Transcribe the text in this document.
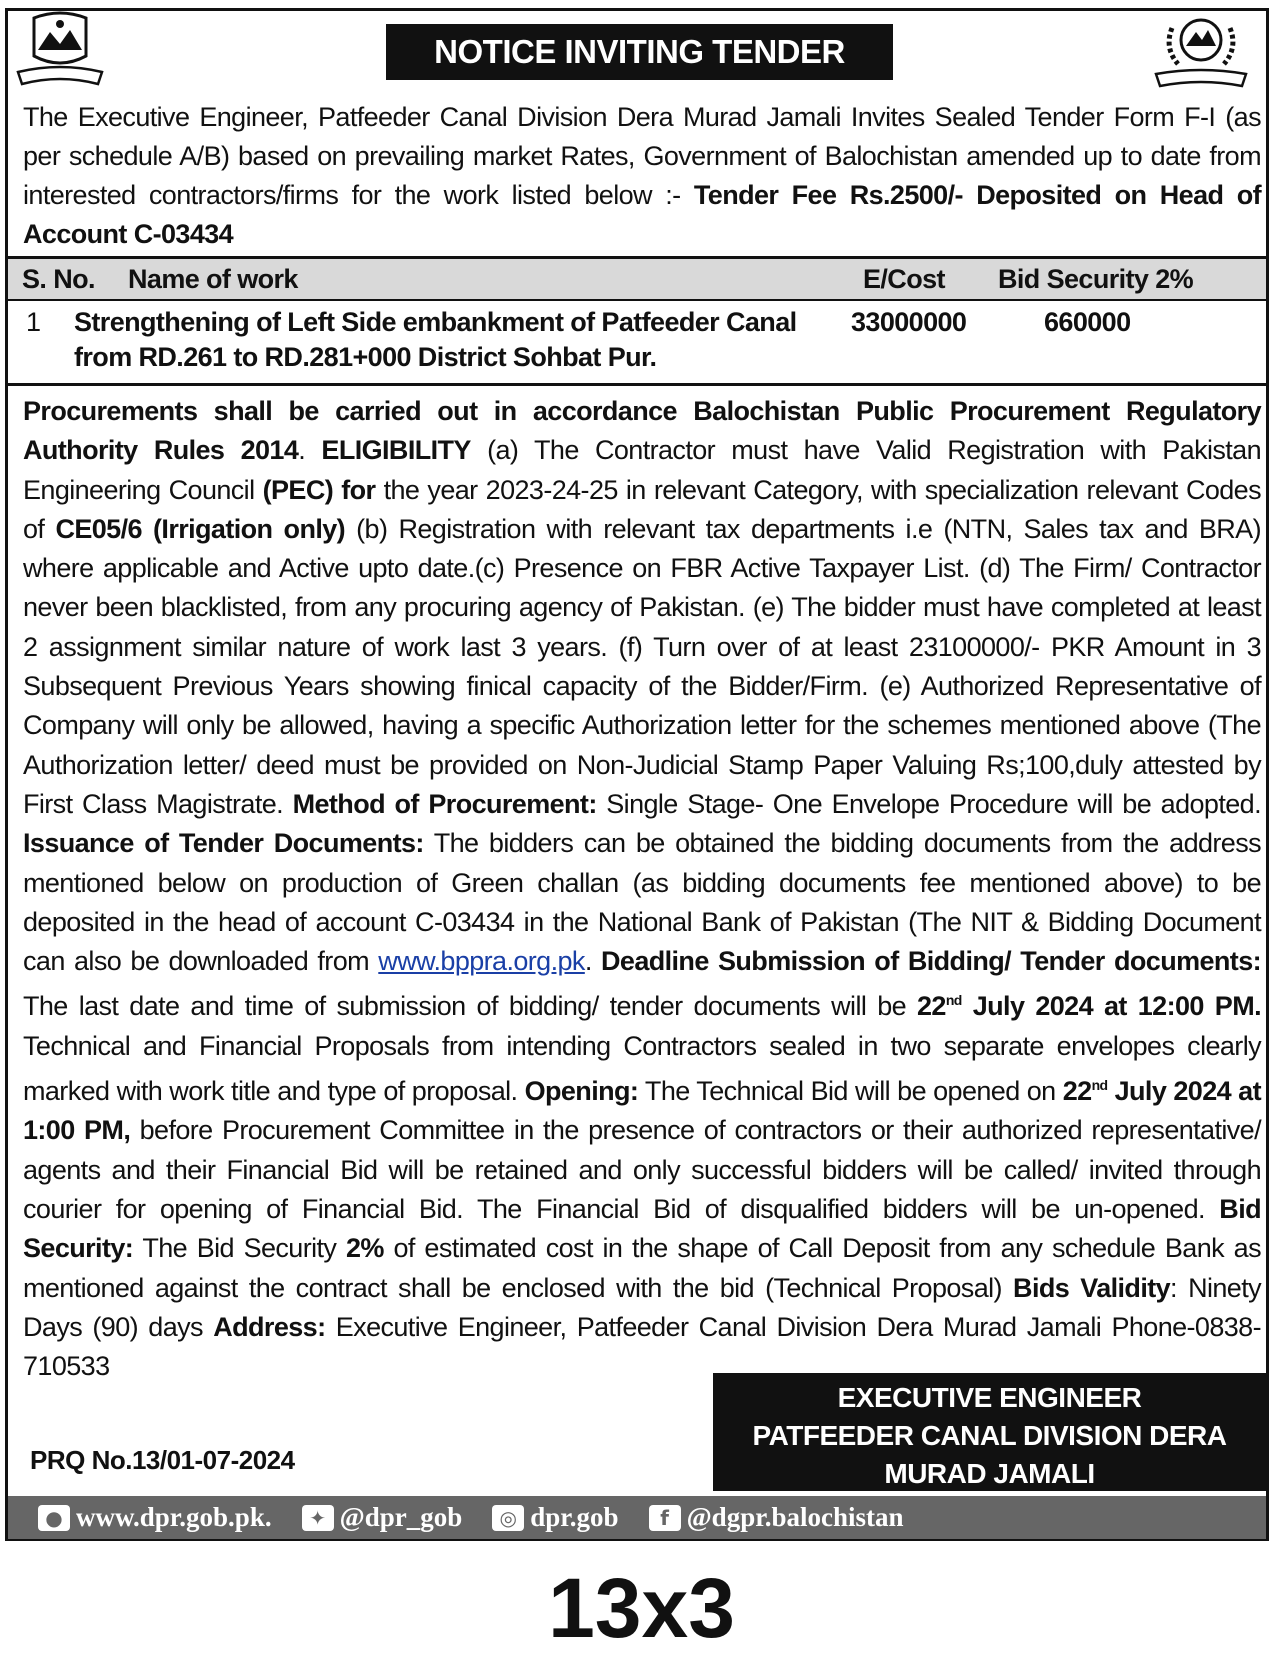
NOTICE INVITING TENDER
The Executive Engineer, Patfeeder Canal Division Dera Murad Jamali Invites Sealed Tender Form F-I (as per schedule A/B) based on prevailing market Rates, Government of Balochistan amended up to date from interested contractors/firms for the work listed below :- Tender Fee Rs.2500/- Deposited on Head of Account C-03434
S. No. Name of work	E/Cost Bid Security 2%
1 Strengthening of Left Side embankment of Patfeeder Canal
from RD.261 to RD.281+000 District Sohbat Pur.
33000000	660000
Procurements shall be carried out in accordance Balochistan Public Procurement Regulatory Authority Rules 2014. ELIGIBILITY (a) The Contractor must have Valid Registration with Pakistan Engineering Council (PEC) for the year 2023-24-25 in relevant Category, with specialization relevant Codes of CE05/6 (Irrigation only) (b) Registration with relevant tax departments i.e (NTN, Sales tax and BRA) where applicable and Active upto date.(c) Presence on FBR Active Taxpayer List. (d) The Firm/ Contractor never been blacklisted, from any procuring agency of Pakistan. (e) The bidder must have completed at least 2 assignment similar nature of work last 3 years. (f) Turn over of at least 23100000/- PKR Amount in 3 Subsequent Previous Years showing finical capacity of the Bidder/Firm. (e) Authorized Representative of Company will only be allowed, having a specific Authorization letter for the schemes mentioned above (The Authorization letter/ deed must be provided on Non-Judicial Stamp Paper Valuing Rs;100,duly attested by First Class Magistrate. Method of Procurement: Single Stage- One Envelope Procedure will be adopted. Issuance of Tender Documents: The bidders can be obtained the bidding documents from the address mentioned below on production of Green challan (as bidding documents fee mentioned above) to be deposited in the head of account C-03434 in the National Bank of Pakistan (The NIT & Bidding Document can also be downloaded from www.bppra.org.pk. Deadline Submission of Bidding/ Tender documents: The last date and time of submission of bidding/ tender documents will be 22nd July 2024 at 12:00 PM. Technical and Financial Proposals from intending Contractors sealed in two separate envelopes clearly marked with work title and type of proposal. Opening: The Technical Bid will be opened on 22nd July 2024 at 1:00 PM, before Procurement Committee in the presence of contractors or their authorized representative/ agents and their Financial Bid will be retained and only successful bidders will be called/ invited through courier for opening of Financial Bid. The Financial Bid of disqualified bidders will be un-opened. Bid Security: The Bid Security 2% of estimated cost in the shape of Call Deposit from any schedule Bank as mentioned against the contract shall be enclosed with the bid (Technical Proposal) Bids Validity: Ninety Days (90) days Address: Executive Engineer, Patfeeder Canal Division Dera Murad Jamali Phone-0838-710533
EXECUTIVE ENGINEER
PATFEEDER CANAL DIVISION DERA
MURAD JAMALI
PRQ No.13/01-07-2024
● www.dpr.gob.pk.	✦ @dpr_gob	◎ dpr.gob	f @dgpr.balochistan
13x3
